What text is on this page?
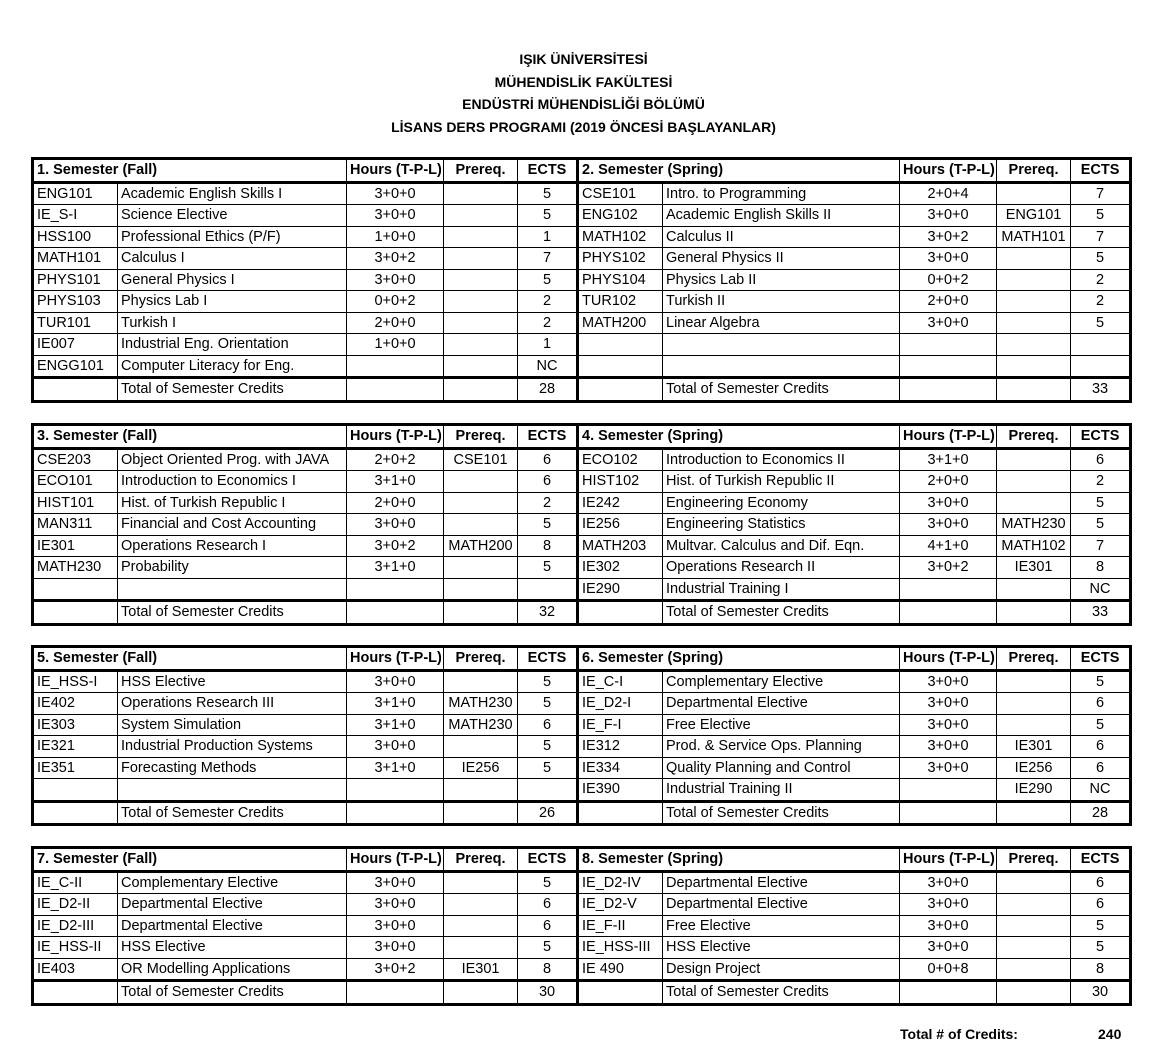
IŞIK ÜNİVERSİTESİ
MÜHENDİSLİK FAKÜLTESİ
ENDÜSTRİ MÜHENDİSLİĞİ BÖLÜMÜ
LİSANS DERS PROGRAMI (2019 ÖNCESİ BAŞLAYANLAR)
1. Semester (Fall)		Hours (T-P-L)	Prereq.	ECTS	2. Semester (Spring)		Hours (T-P-L)	Prereq.	ECTS
ENG101	Academic English Skills I	3+0+0		5	CSE101	Intro. to Programming	2+0+4		7
IE_S-I	Science Elective	3+0+0		5	ENG102	Academic English Skills II	3+0+0	ENG101	5
HSS100	Professional Ethics (P/F)	1+0+0		1	MATH102	Calculus II	3+0+2	MATH101	7
MATH101	Calculus I	3+0+2		7	PHYS102	General Physics II	3+0+0		5
PHYS101	General Physics I	3+0+0		5	PHYS104	Physics Lab II	0+0+2		2
PHYS103	Physics Lab I	0+0+2		2	TUR102	Turkish II	2+0+0		2
TUR101	Turkish I	2+0+0		2	MATH200	Linear Algebra	3+0+0		5
IE007	Industrial Eng. Orientation	1+0+0		1					
ENGG101	Computer Literacy for Eng.			NC					
	Total of Semester Credits			28		Total of Semester Credits			33
3. Semester (Fall)		Hours (T-P-L)	Prereq.	ECTS	4. Semester (Spring)		Hours (T-P-L)	Prereq.	ECTS
CSE203	Object Oriented Prog. with JAVA	2+0+2	CSE101	6	ECO102	Introduction to Economics II	3+1+0		6
ECO101	Introduction to Economics I	3+1+0		6	HIST102	Hist. of Turkish Republic II	2+0+0		2
HIST101	Hist. of Turkish Republic I	2+0+0		2	IE242	Engineering Economy	3+0+0		5
MAN311	Financial and Cost Accounting	3+0+0		5	IE256	Engineering Statistics	3+0+0	MATH230	5
IE301	Operations Research I	3+0+2	MATH200	8	MATH203	Multvar. Calculus and Dif. Eqn.	4+1+0	MATH102	7
MATH230	Probability	3+1+0		5	IE302	Operations Research II	3+0+2	IE301	8
					IE290	Industrial Training I			NC
	Total of Semester Credits			32		Total of Semester Credits			33
5. Semester (Fall)		Hours (T-P-L)	Prereq.	ECTS	6. Semester (Spring)		Hours (T-P-L)	Prereq.	ECTS
IE_HSS-I	HSS Elective	3+0+0		5	IE_C-I	Complementary Elective	3+0+0		5
IE402	Operations Research III	3+1+0	MATH230	5	IE_D2-I	Departmental Elective	3+0+0		6
IE303	System Simulation	3+1+0	MATH230	6	IE_F-I	Free Elective	3+0+0		5
IE321	Industrial Production Systems	3+0+0		5	IE312	Prod. & Service Ops. Planning	3+0+0	IE301	6
IE351	Forecasting Methods	3+1+0	IE256	5	IE334	Quality Planning and Control	3+0+0	IE256	6
					IE390	Industrial Training II		IE290	NC
	Total of Semester Credits			26		Total of Semester Credits			28
7. Semester (Fall)		Hours (T-P-L)	Prereq.	ECTS	8. Semester (Spring)		Hours (T-P-L)	Prereq.	ECTS
IE_C-II	Complementary Elective	3+0+0		5	IE_D2-IV	Departmental Elective	3+0+0		6
IE_D2-II	Departmental Elective	3+0+0		6	IE_D2-V	Departmental Elective	3+0+0		6
IE_D2-III	Departmental Elective	3+0+0		6	IE_F-II	Free Elective	3+0+0		5
IE_HSS-II	HSS Elective	3+0+0		5	IE_HSS-III	HSS Elective	3+0+0		5
IE403	OR Modelling Applications	3+0+2	IE301	8	IE 490	Design Project	0+0+8		8
	Total of Semester Credits			30		Total of Semester Credits			30
Total # of Credits:	240
